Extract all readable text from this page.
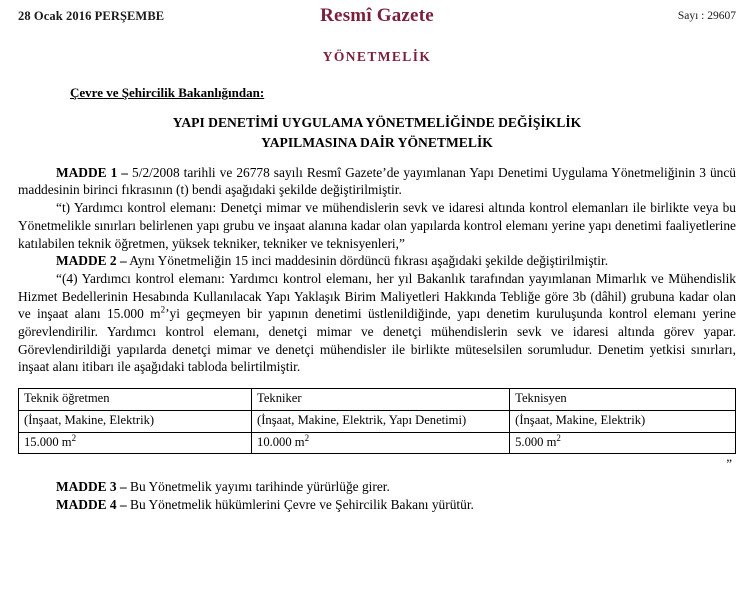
28 Ocak 2016 PERŞEMBE	Resmî Gazete	Sayı : 29607
YÖNETMELİK
Çevre ve Şehircilik Bakanlığından:
YAPI DENETİMİ UYGULAMA YÖNETMELİĞİNDE DEĞİŞİKLİK
YAPILMASINA DAİR YÖNETMELİK

MADDE 1 – 5/2/2008 tarihli ve 26778 sayılı Resmî Gazete’de yayımlanan Yapı Denetimi Uygulama Yönetmeliğinin 3 üncü maddesinin birinci fıkrasının (t) bendi aşağıdaki şekilde değiştirilmiştir.

“t) Yardımcı kontrol elemanı: Denetçi mimar ve mühendislerin sevk ve idaresi altında kontrol elemanları ile birlikte veya bu Yönetmelikle sınırları belirlenen yapı grubu ve inşaat alanına kadar olan yapılarda kontrol elemanı yerine yapı denetimi faaliyetlerine katılabilen teknik öğretmen, yüksek tekniker, tekniker ve teknisyenleri,”

MADDE 2 – Aynı Yönetmeliğin 15 inci maddesinin dördüncü fıkrası aşağıdaki şekilde değiştirilmiştir.

“(4) Yardımcı kontrol elemanı: Yardımcı kontrol elemanı, her yıl Bakanlık tarafından yayımlanan Mimarlık ve Mühendislik Hizmet Bedellerinin Hesabında Kullanılacak Yapı Yaklaşık Birim Maliyetleri Hakkında Tebliğe göre 3b (dâhil) grubuna kadar olan ve inşaat alanı 15.000 $m^2’yi$ geçmeyen bir yapının denetimi üstlenildiğinde, yapı denetim kuruluşunda kontrol elemanı yerine görevlendirilir. Yardımcı kontrol elemanı, denetçi mimar ve denetçi mühendislerin sevk ve idaresi altında görev yapar. Görevlendirildiği yapılarda denetçi mimar ve denetçi mühendisler ile birlikte müteselsilen sorumludur. Denetim yetkisi sınırları, inşaat alanı itibarı ile aşağıdaki tabloda belirtilmiştir.

Teknik öğretmen	Tekniker	Teknisyen
(İnşaat, Makine, Elektrik)	(İnşaat, Makine, Elektrik, Yapı Denetimi)	(İnşaat, Makine, Elektrik)
15.000 $m^2$	10.000 $m^2$	5.000 $m^2$
”

MADDE 3 – Bu Yönetmelik yayımı tarihinde yürürlüğe girer.

MADDE 4 – Bu Yönetmelik hükümlerini Çevre ve Şehircilik Bakanı yürütür.
